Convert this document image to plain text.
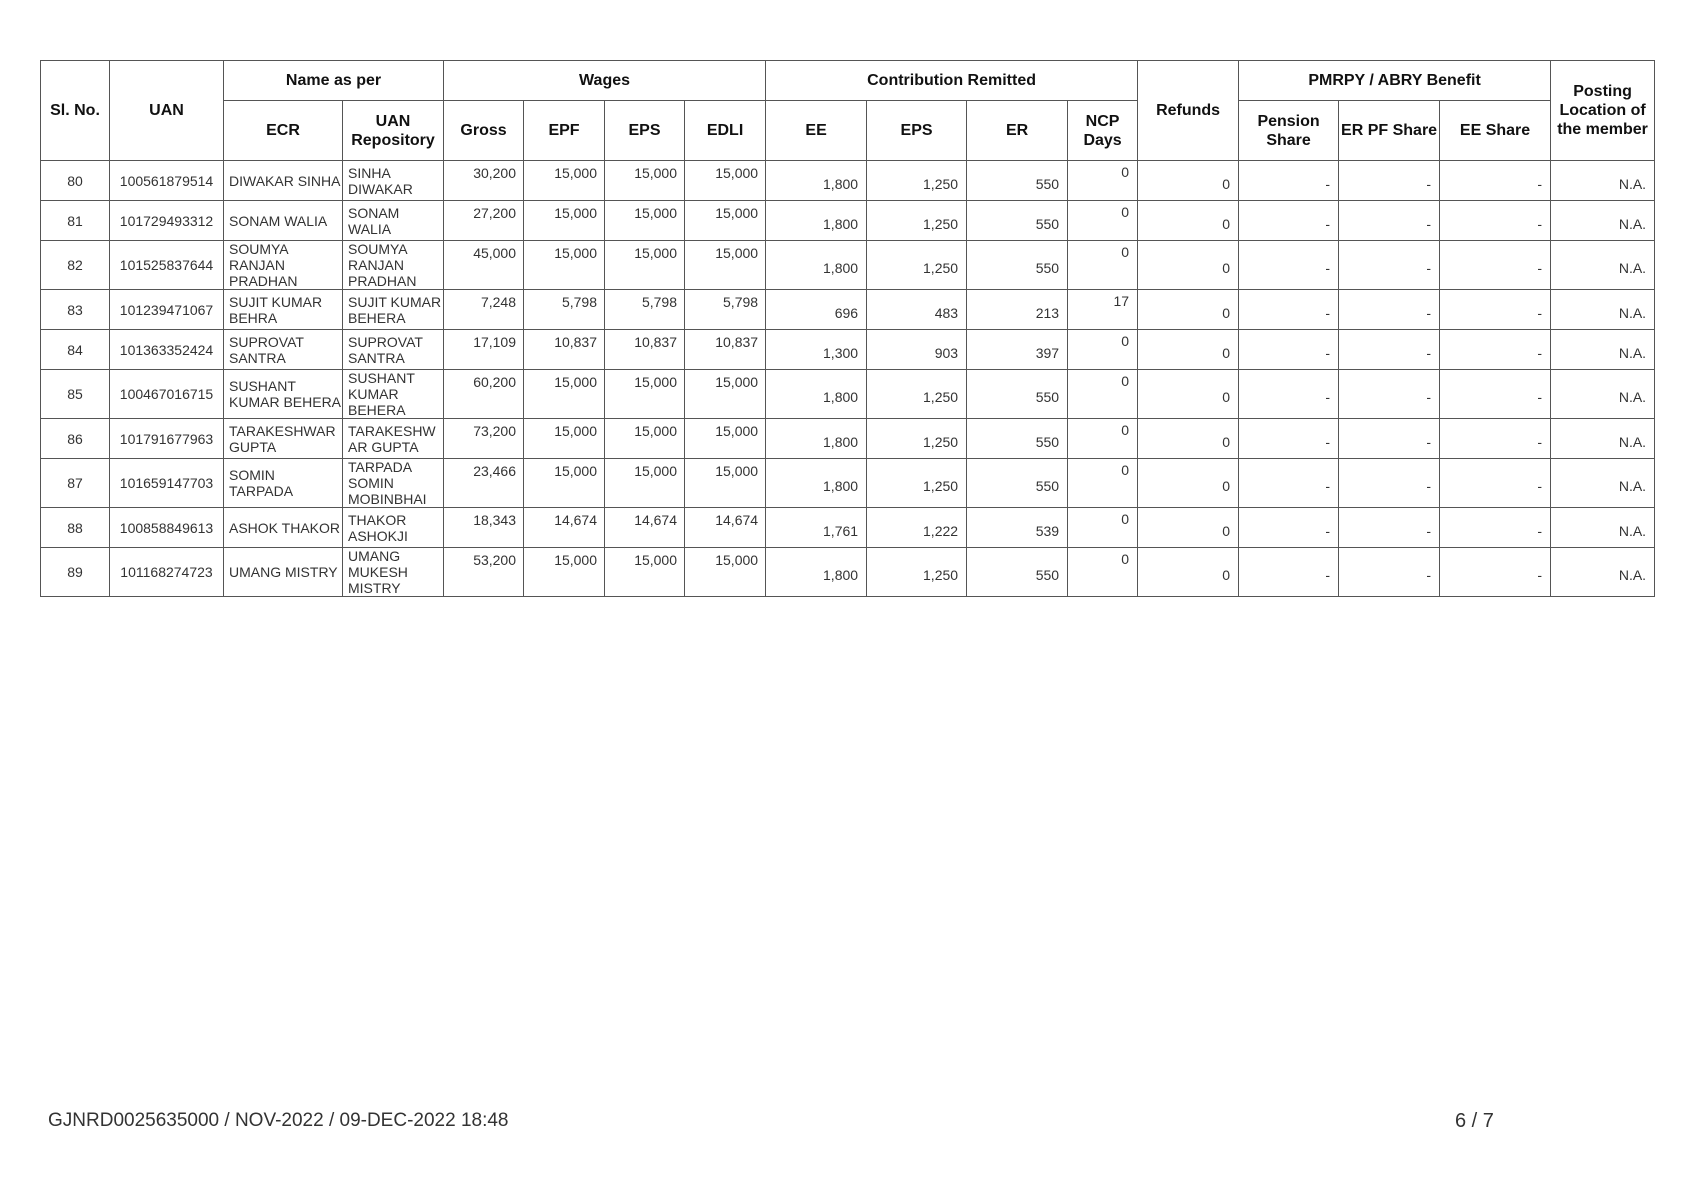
Sl. No.	UAN	Name as per		Wages				Contribution Remitted				Refunds	PMRPY / ABRY Benefit			Posting Location of the member
		ECR	UAN Repository	Gross	EPF	EPS	EDLI	EE	EPS	ER	NCP Days		Pension Share	ER PF Share	EE Share	
80	100561879514	DIWAKAR SINHA	SINHA DIWAKAR	30,200	15,000	15,000	15,000	1,800	1,250	550	0	0	-	-	-	N.A.
81	101729493312	SONAM WALIA	SONAM WALIA	27,200	15,000	15,000	15,000	1,800	1,250	550	0	0	-	-	-	N.A.
82	101525837644	SOUMYA RANJAN PRADHAN	SOUMYA RANJAN PRADHAN	45,000	15,000	15,000	15,000	1,800	1,250	550	0	0	-	-	-	N.A.
83	101239471067	SUJIT KUMAR BEHRA	SUJIT KUMAR BEHERA	7,248	5,798	5,798	5,798	696	483	213	17	0	-	-	-	N.A.
84	101363352424	SUPROVAT SANTRA	SUPROVAT SANTRA	17,109	10,837	10,837	10,837	1,300	903	397	0	0	-	-	-	N.A.
85	100467016715	SUSHANT KUMAR BEHERA	SUSHANT KUMAR BEHERA	60,200	15,000	15,000	15,000	1,800	1,250	550	0	0	-	-	-	N.A.
86	101791677963	TARAKESHWAR GUPTA	TARAKESHW AR GUPTA	73,200	15,000	15,000	15,000	1,800	1,250	550	0	0	-	-	-	N.A.
87	101659147703	SOMIN TARPADA	TARPADA SOMIN MOBINBHAI	23,466	15,000	15,000	15,000	1,800	1,250	550	0	0	-	-	-	N.A.
88	100858849613	ASHOK THAKOR	THAKOR ASHOKJI	18,343	14,674	14,674	14,674	1,761	1,222	539	0	0	-	-	-	N.A.
89	101168274723	UMANG MISTRY	UMANG MUKESH MISTRY	53,200	15,000	15,000	15,000	1,800	1,250	550	0	0	-	-	-	N.A.
GJNRD0025635000 / NOV-2022 / 09-DEC-2022 18:48	6 / 7
